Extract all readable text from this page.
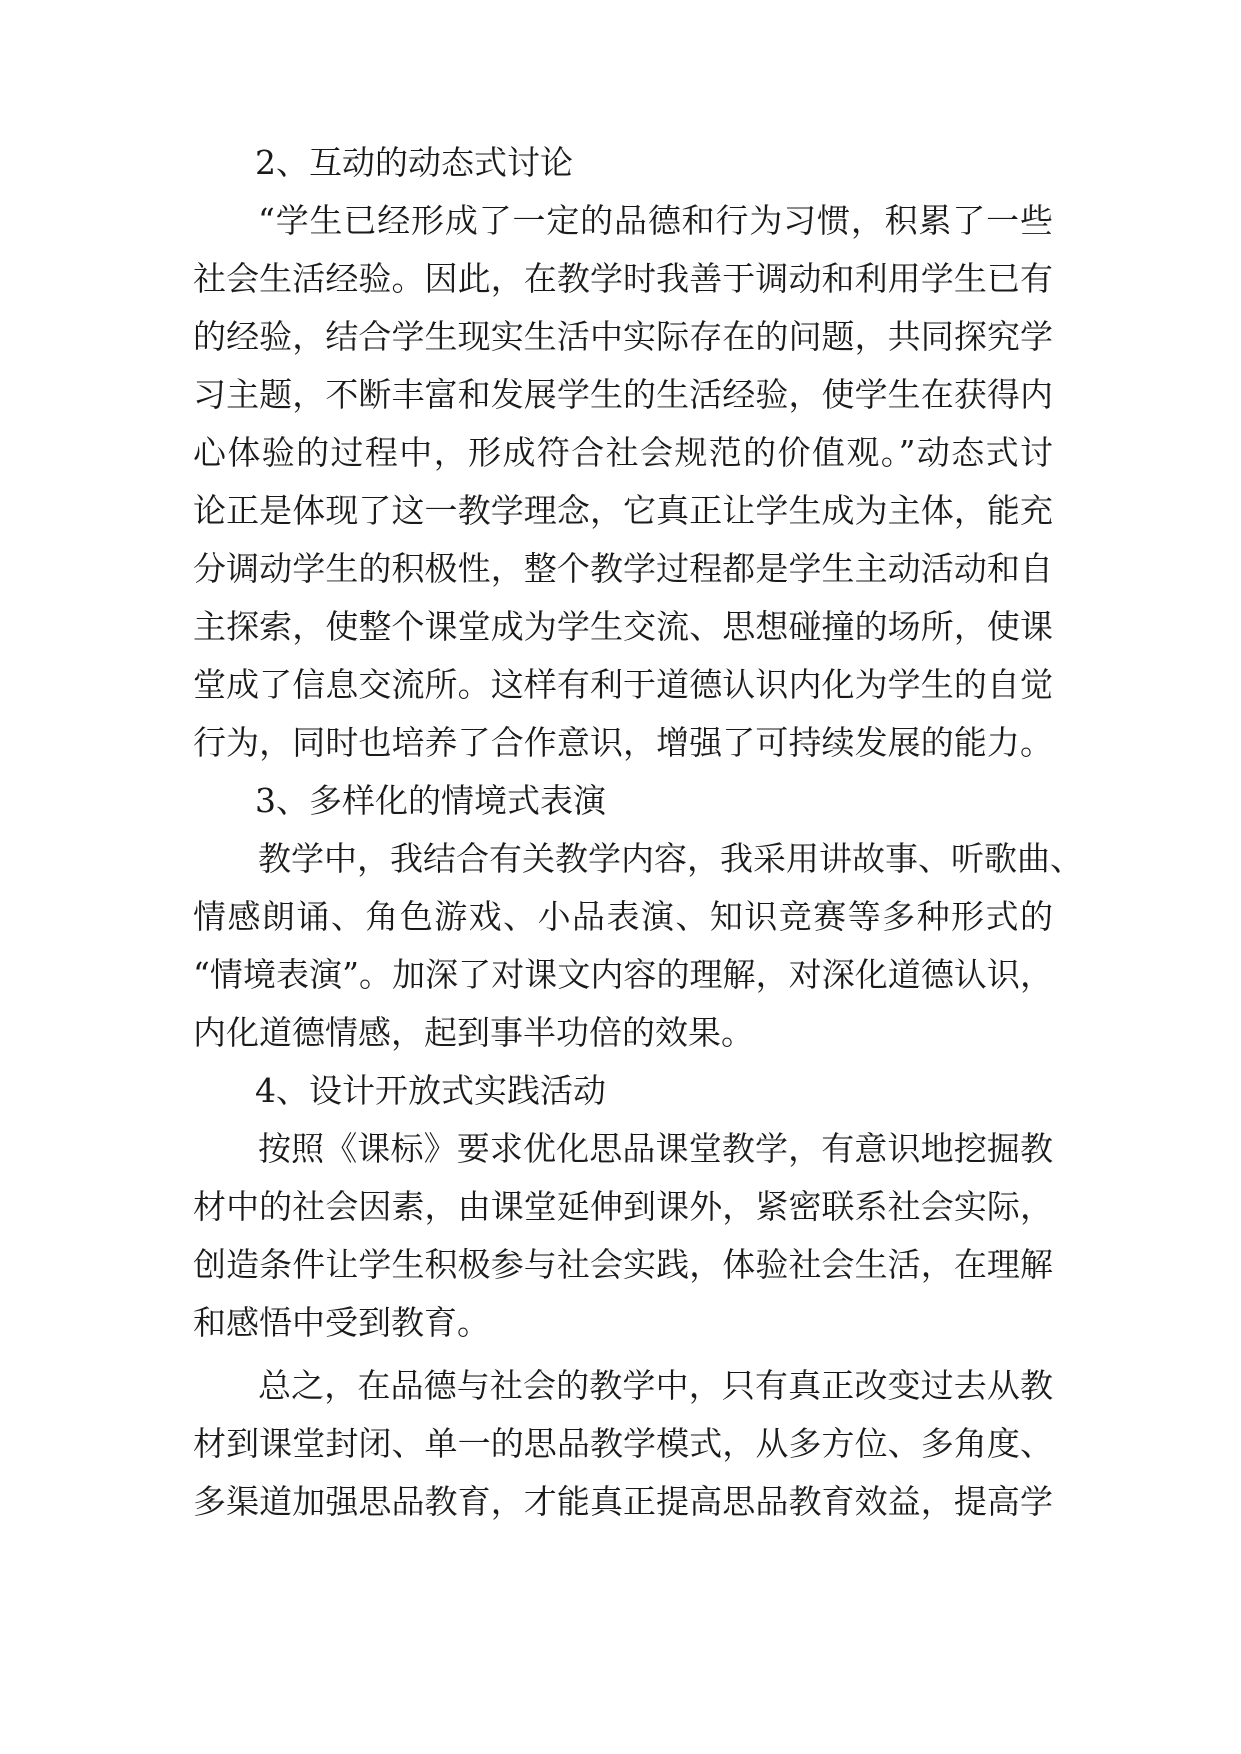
2、互动的动态式讨论
“学生已经形成了一定的品德和行为习惯，积累了一些
社会生活经验。因此，在教学时我善于调动和利用学生已有
的经验，结合学生现实生活中实际存在的问题，共同探究学
习主题，不断丰富和发展学生的生活经验，使学生在获得内
心体验的过程中，形成符合社会规范的价值观。”动态式讨
论正是体现了这一教学理念，它真正让学生成为主体，能充
分调动学生的积极性，整个教学过程都是学生主动活动和自
主探索，使整个课堂成为学生交流、思想碰撞的场所，使课
堂成了信息交流所。这样有利于道德认识内化为学生的自觉
行为，同时也培养了合作意识，增强了可持续发展的能力。
3、多样化的情境式表演
教学中，我结合有关教学内容，我采用讲故事、听歌曲、
情感朗诵、角色游戏、小品表演、知识竞赛等多种形式的
“情境表演”。加深了对课文内容的理解，对深化道德认识，
内化道德情感，起到事半功倍的效果。
4、设计开放式实践活动
按照《课标》要求优化思品课堂教学，有意识地挖掘教
材中的社会因素，由课堂延伸到课外，紧密联系社会实际，
创造条件让学生积极参与社会实践，体验社会生活，在理解
和感悟中受到教育。
总之，在品德与社会的教学中，只有真正改变过去从教
材到课堂封闭、单一的思品教学模式，从多方位、多角度、
多渠道加强思品教育，才能真正提高思品教育效益，提高学
